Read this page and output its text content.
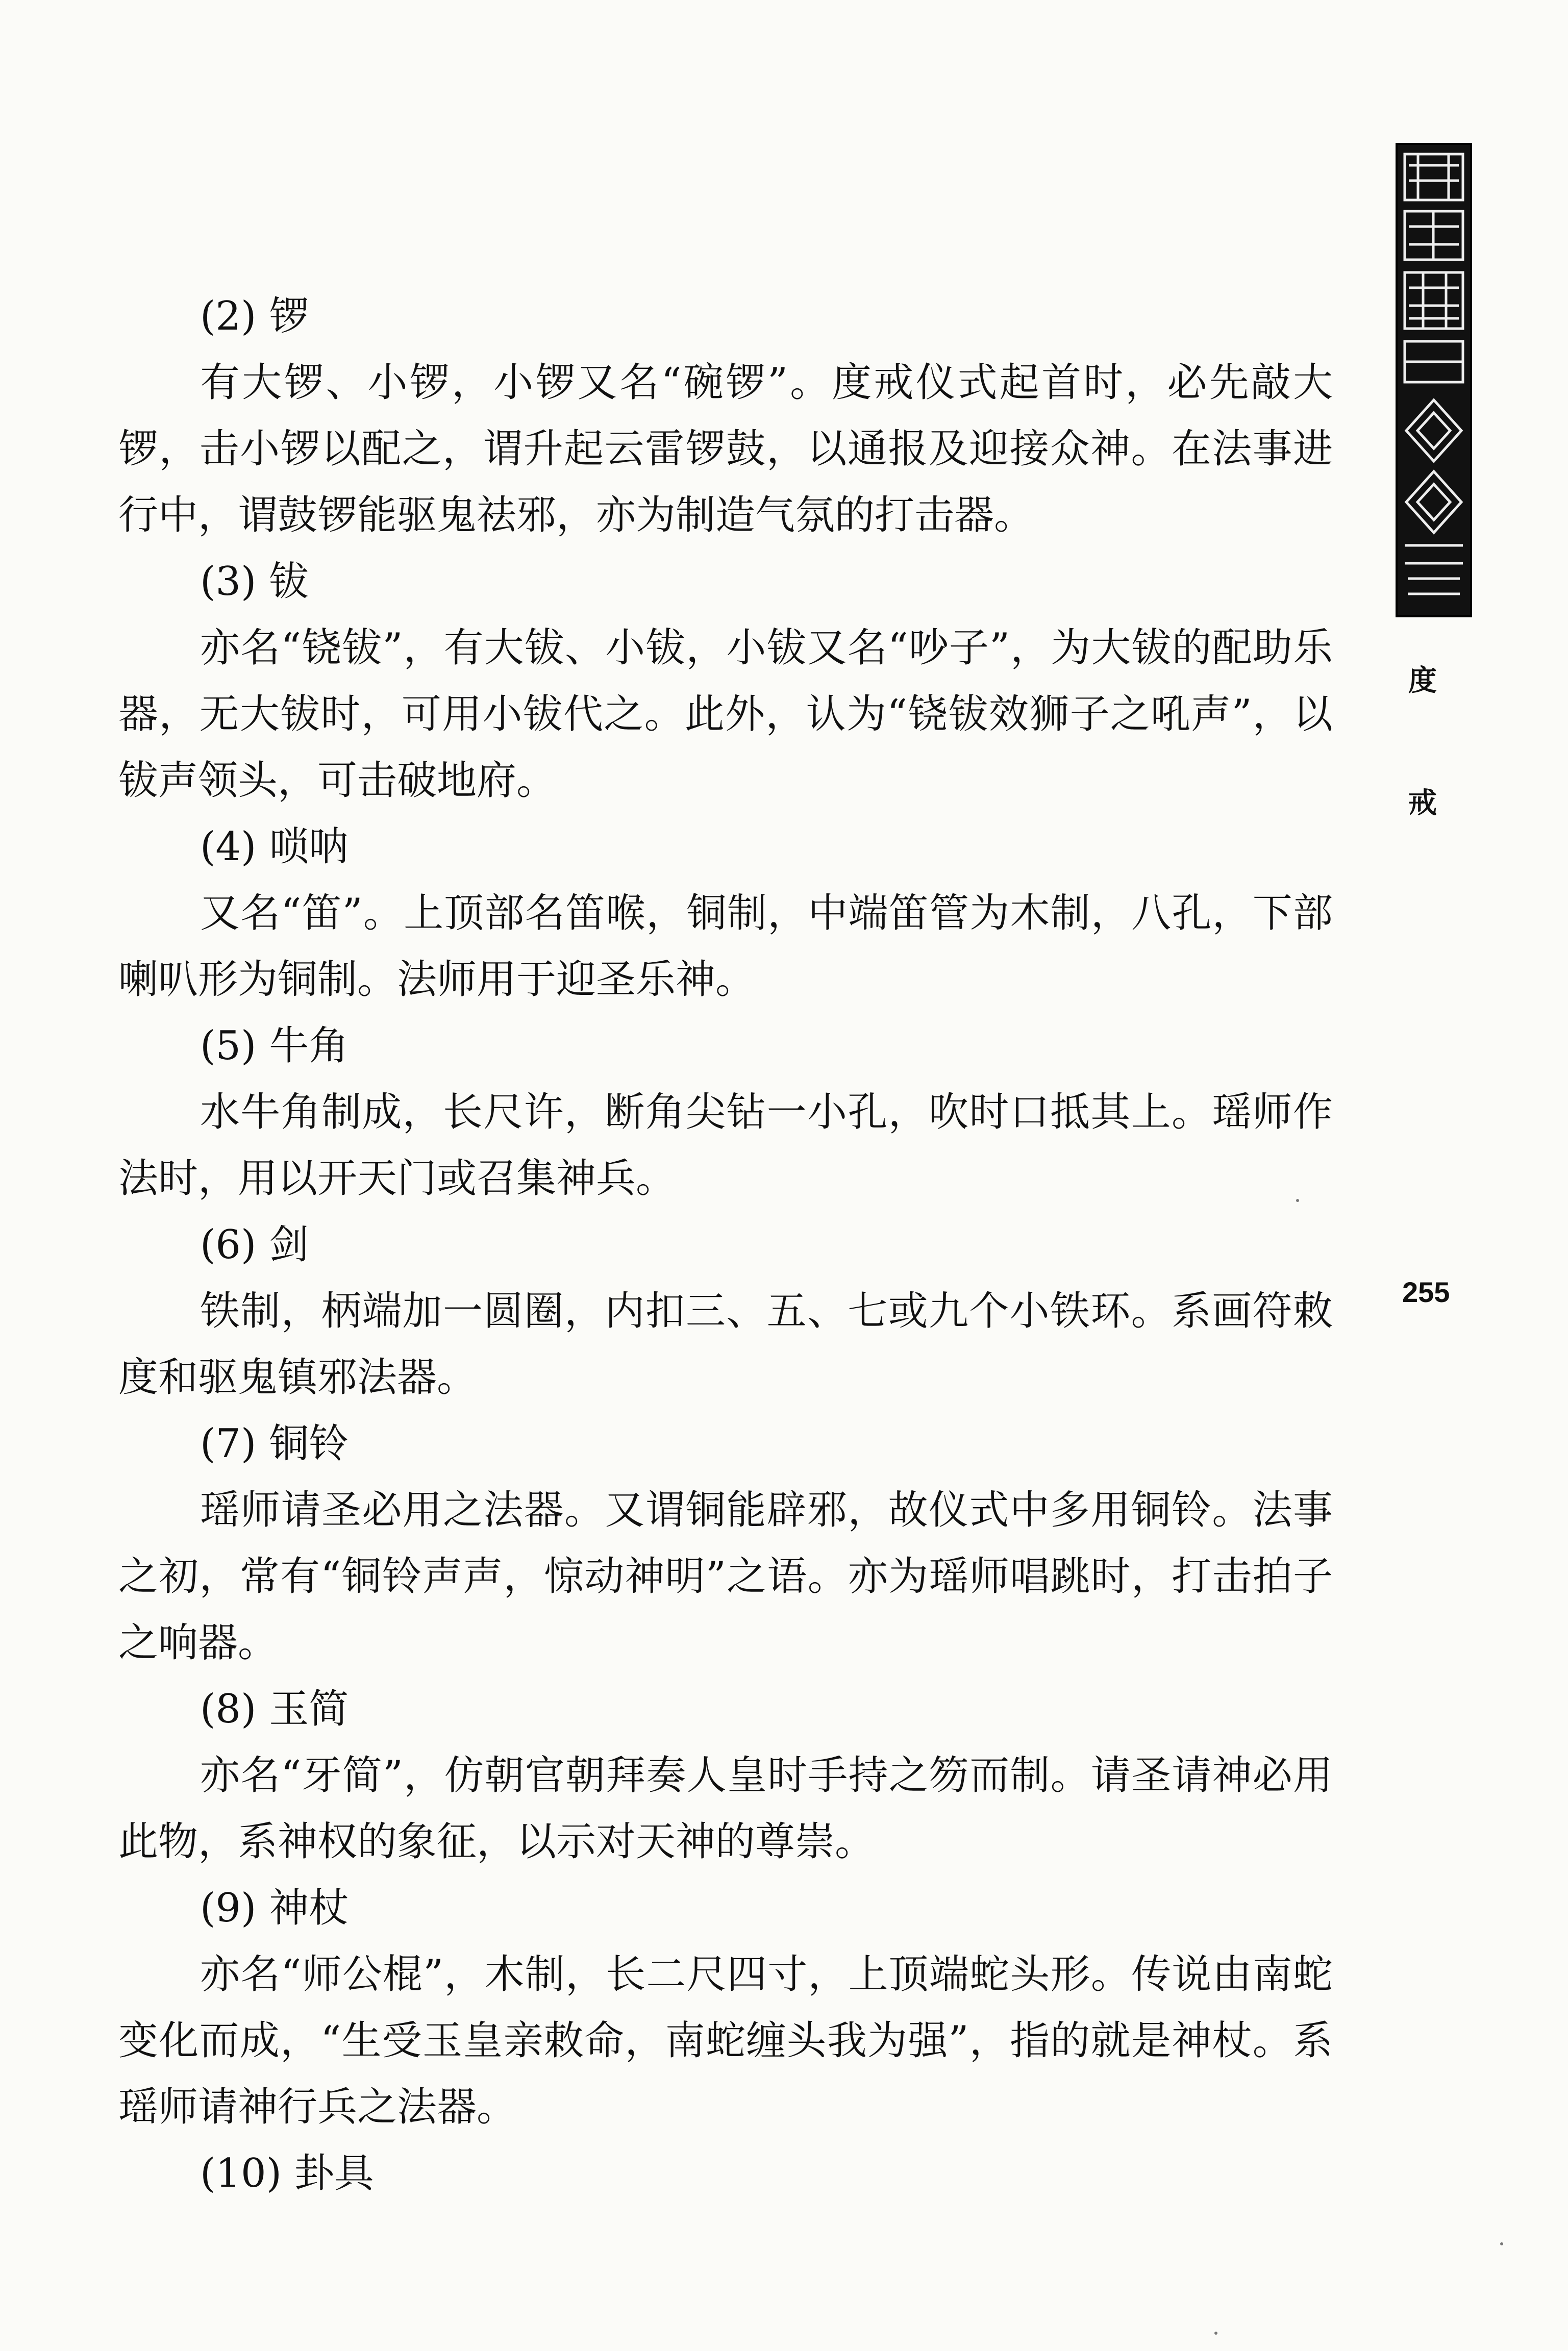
度
戒
255

(2) 锣

有大锣、小锣，小锣又名“碗锣”。度戒仪式起首时，必先敲大锣，击小锣以配之，谓升起云雷锣鼓，以通报及迎接众神。在法事进行中，谓鼓锣能驱鬼祛邪，亦为制造气氛的打击器。

(3) 钹

亦名“铙钹”，有大钹、小钹，小钹又名“吵子”，为大钹的配助乐器，无大钹时，可用小钹代之。此外，认为“铙钹效狮子之吼声”，以钹声领头，可击破地府。

(4) 唢呐

又名“笛”。上顶部名笛喉，铜制，中端笛管为木制，八孔，下部喇叭形为铜制。法师用于迎圣乐神。

(5) 牛角

水牛角制成，长尺许，断角尖钻一小孔，吹时口抵其上。瑶师作法时，用以开天门或召集神兵。

(6) 剑

铁制，柄端加一圆圈，内扣三、五、七或九个小铁环。系画符敕度和驱鬼镇邪法器。

(7) 铜铃

瑶师请圣必用之法器。又谓铜能辟邪，故仪式中多用铜铃。法事之初，常有“铜铃声声，惊动神明”之语。亦为瑶师唱跳时，打击拍子之响器。

(8) 玉简

亦名“牙简”，仿朝官朝拜奏人皇时手持之笏而制。请圣请神必用此物，系神权的象征，以示对天神的尊崇。

(9) 神杖

亦名“师公棍”，木制，长二尺四寸，上顶端蛇头形。传说由南蛇变化而成，“生受玉皇亲敕命，南蛇缠头我为强”，指的就是神杖。系瑶师请神行兵之法器。

(10) 卦具
